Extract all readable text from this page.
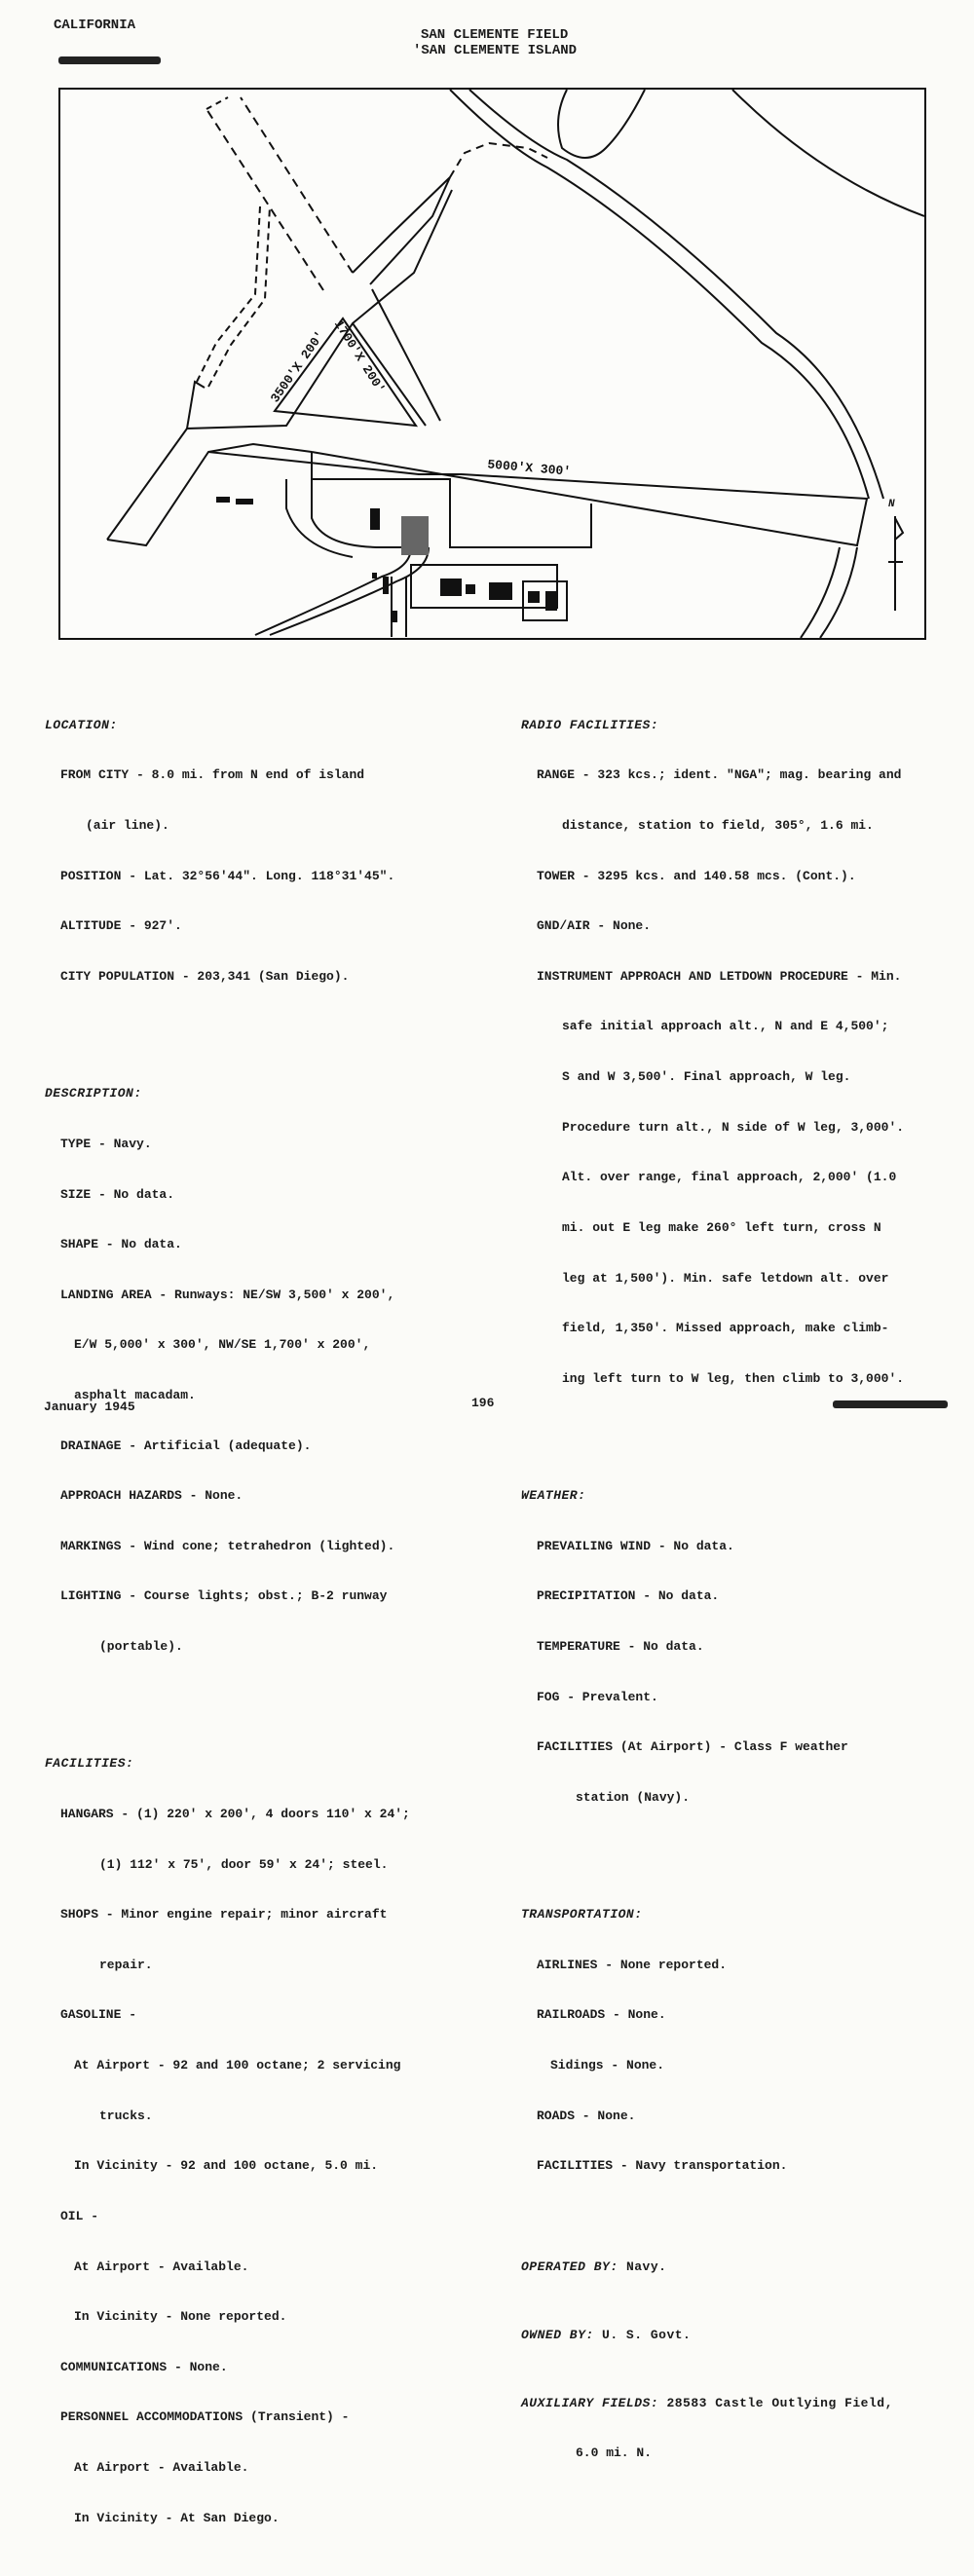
CALIFORNIA
SAN CLEMENTE FIELD
'SAN CLEMENTE ISLAND
3500'X 200' 1700'X 200'
5000'X 300'
N

LOCATION:

FROM CITY - 8.0 mi. from N end of island

(air line).

POSITION - Lat. 32°56'44". Long. 118°31'45".

ALTITUDE - 927'.

CITY POPULATION - 203,341 (San Diego).

DESCRIPTION:

TYPE - Navy.

SIZE - No data.

SHAPE - No data.

LANDING AREA - Runways: NE/SW 3,500' x 200',

E/W 5,000' x 300', NW/SE 1,700' x 200',

asphalt macadam.

DRAINAGE - Artificial (adequate).

APPROACH HAZARDS - None.

MARKINGS - Wind cone; tetrahedron (lighted).

LIGHTING - Course lights; obst.; B-2 runway

(portable).

FACILITIES:

HANGARS - (1) 220' x 200', 4 doors 110' x 24';

(1) 112' x 75', door 59' x 24'; steel.

SHOPS - Minor engine repair; minor aircraft

repair.

GASOLINE -

At Airport - 92 and 100 octane; 2 servicing

trucks.

In Vicinity - 92 and 100 octane, 5.0 mi.

OIL -

At Airport - Available.

In Vicinity - None reported.

COMMUNICATIONS - None.

PERSONNEL ACCOMMODATIONS (Transient) -

At Airport - Available.

In Vicinity - At San Diego.

RADIO FACILITIES:

RANGE - 323 kcs.; ident. "NGA"; mag. bearing and

distance, station to field, 305°, 1.6 mi.

TOWER - 3295 kcs. and 140.58 mcs. (Cont.).

GND/AIR - None.

INSTRUMENT APPROACH AND LETDOWN PROCEDURE - Min.

safe initial approach alt., N and E 4,500';

S and W 3,500'. Final approach, W leg.

Procedure turn alt., N side of W leg, 3,000'.

Alt. over range, final approach, 2,000' (1.0

mi. out E leg make 260° left turn, cross N

leg at 1,500'). Min. safe letdown alt. over

field, 1,350'. Missed approach, make climb-

ing left turn to W leg, then climb to 3,000'.

WEATHER:

PREVAILING WIND - No data.

PRECIPITATION - No data.

TEMPERATURE - No data.

FOG - Prevalent.

FACILITIES (At Airport) - Class F weather

station (Navy).

TRANSPORTATION:

AIRLINES - None reported.

RAILROADS - None.

Sidings - None.

ROADS - None.

FACILITIES - Navy transportation.

OPERATED BY: Navy.

OWNED BY: U. S. Govt.

AUXILIARY FIELDS: 28583 Castle Outlying Field,

6.0 mi. N.

January 1945	196
